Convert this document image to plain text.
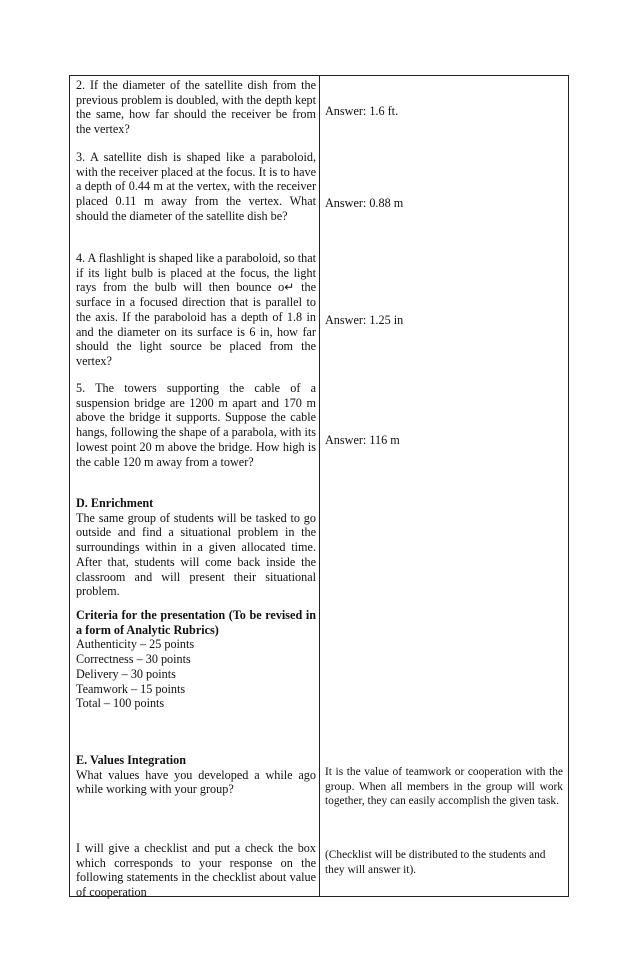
2. If the diameter of the satellite dish from the previous problem is doubled, with the depth kept the same, how far should the receiver be from the vertex?

3. A satellite dish is shaped like a paraboloid, with the receiver placed at the focus. It is to have a depth of 0.44 m at the vertex, with the receiver placed 0.11 m away from the vertex. What should the diameter of the satellite dish be?

4. A flashlight is shaped like a paraboloid, so that if its light bulb is placed at the focus, the light rays from the bulb will then bounce o↵ the surface in a focused direction that is parallel to the axis. If the paraboloid has a depth of 1.8 in and the diameter on its surface is 6 in, how far should the light source be placed from the vertex?

5. The towers supporting the cable of a suspension bridge are 1200 m apart and 170 m above the bridge it supports. Suppose the cable hangs, following the shape of a parabola, with its lowest point 20 m above the bridge. How high is the cable 120 m away from a tower?

D. Enrichment

The same group of students will be tasked to go outside and find a situational problem in the surroundings within in a given allocated time. After that, students will come back inside the classroom and will present their situational problem.

Criteria for the presentation (To be revised in a form of Analytic Rubrics)

Authenticity – 25 points

Correctness – 30 points

Delivery – 30 points

Teamwork – 15 points

Total – 100 points

E. Values Integration

What values have you developed a while ago while working with your group?

I will give a checklist and put a check the box which corresponds to your response on the following statements in the checklist about value of cooperation

Answer: 1.6 ft.

Answer: 0.88 m

Answer: 1.25 in

Answer: 116 m

It is the value of teamwork or cooperation with the group. When all members in the group will work together, they can easily accomplish the given task.

(Checklist will be distributed to the students and they will answer it).
